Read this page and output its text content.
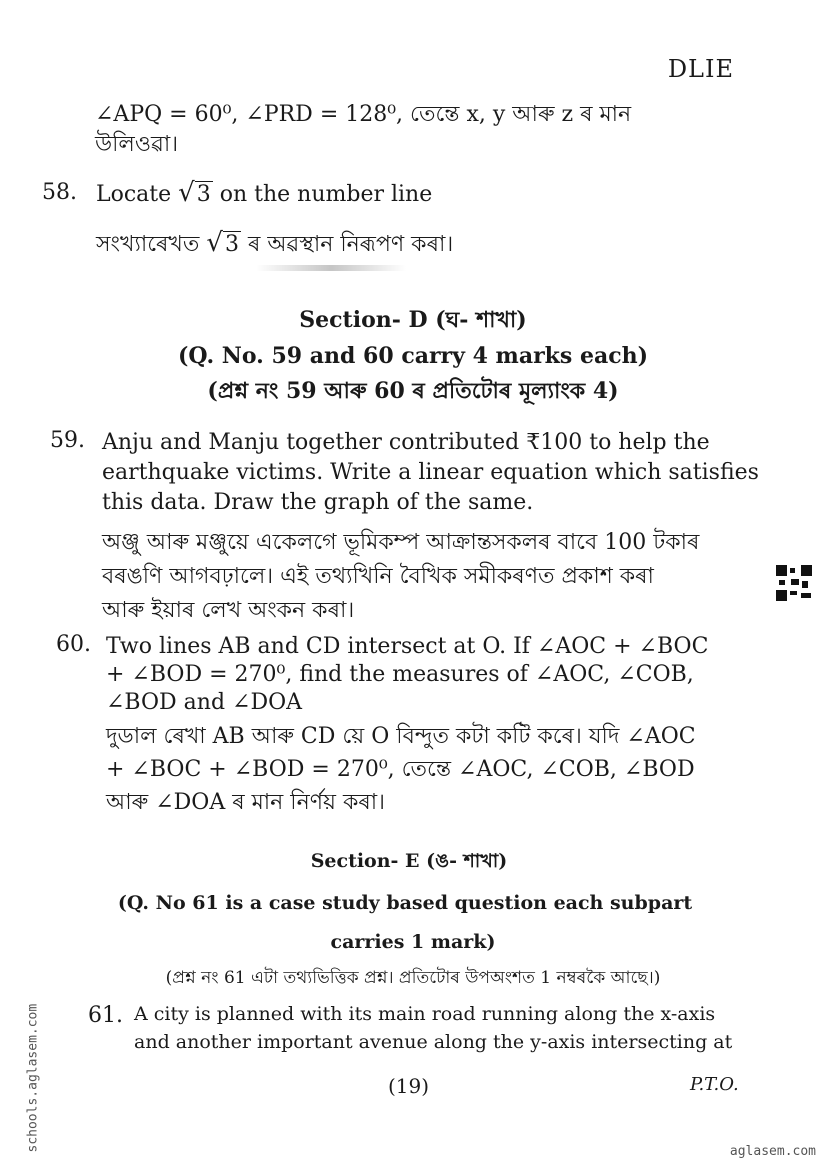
DLIE
∠APQ = 60⁰, ∠PRD = 128⁰, তেন্তে x, y আৰু z ৰ মান
উলিওৱা।
58. Locate √3 on the number line
সংখ্যাৰেখত √3 ৰ অৱস্থান নিৰূপণ কৰা।
Section- D (ঘ- শাখা)
(Q. No. 59 and 60 carry 4 marks each)
(প্ৰশ্ন নং 59 আৰু 60 ৰ প্ৰতিটোৰ মূল্যাংক 4)
59. Anju and Manju together contributed ₹100 to help the
earthquake victims. Write a linear equation which satisfies
this data. Draw the graph of the same.
অঞ্জু আৰু মঞ্জুয়ে একেলগে ভূমিকম্প আক্ৰান্তসকলৰ বাবে 100 টকাৰ
বৰঙণি আগবঢ়ালে। এই তথ্যখিনি বৈখিক সমীকৰণত প্ৰকাশ কৰা
আৰু ইয়াৰ লেখ অংকন কৰা।
60. Two lines AB and CD intersect at O. If ∠AOC + ∠BOC
+ ∠BOD = 270⁰, find the measures of ∠AOC, ∠COB,
∠BOD and ∠DOA
দুডাল ৰেখা AB আৰু CD য়ে O বিন্দুত কটা কটি কৰে। যদি ∠AOC
+ ∠BOC + ∠BOD = 270⁰, তেন্তে ∠AOC, ∠COB, ∠BOD
আৰু ∠DOA ৰ মান নিৰ্ণয় কৰা।
Section- E (ঙ- শাখা)
(Q. No 61 is a case study based question each subpart
carries 1 mark)
(প্ৰশ্ন নং 61 এটা তথ্যভিত্তিক প্ৰশ্ন। প্ৰতিটোৰ উপঅংশত 1 নম্বৰকৈ আছে।)
61. A city is planned with its main road running along the x-axis
and another important avenue along the y-axis intersecting at
(19)	P.T.O.
schools.aglasem.com	aglasem.com
